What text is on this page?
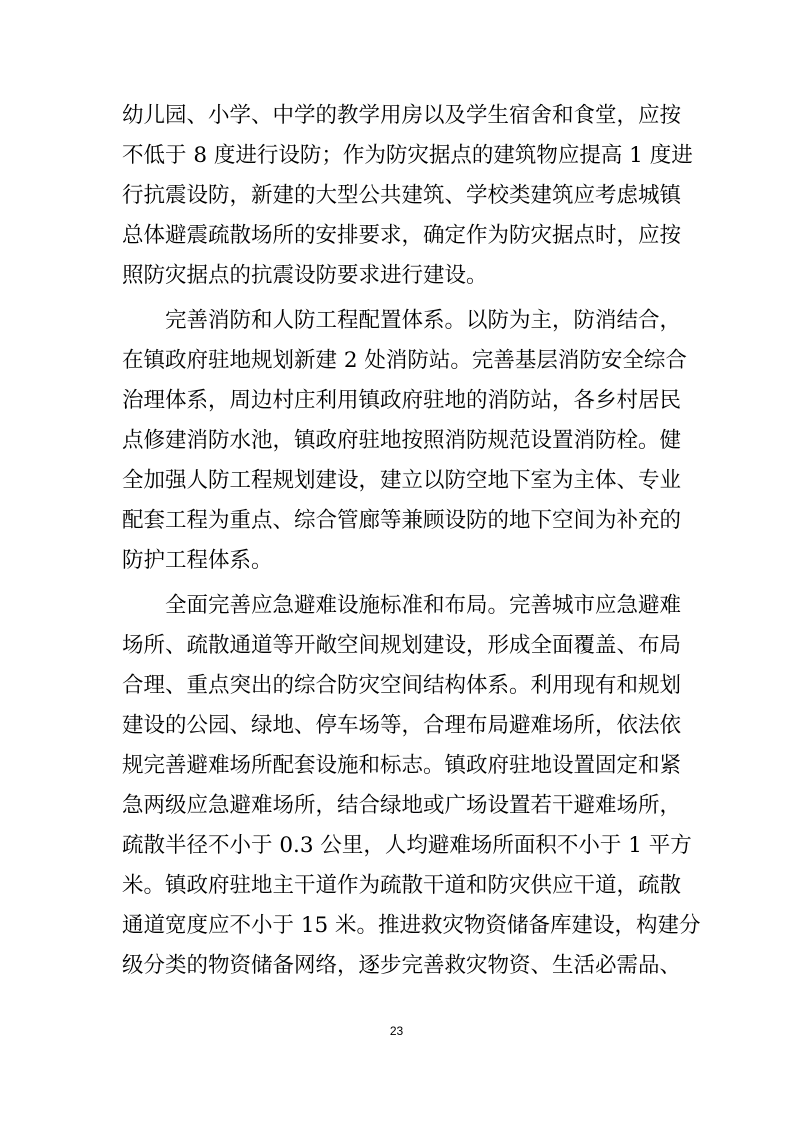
幼儿园、小学、中学的教学用房以及学生宿舍和食堂，应按
不低于 8 度进行设防；作为防灾据点的建筑物应提高 1 度进
行抗震设防，新建的大型公共建筑、学校类建筑应考虑城镇
总体避震疏散场所的安排要求，确定作为防灾据点时，应按
照防灾据点的抗震设防要求进行建设。
完善消防和人防工程配置体系。以防为主，防消结合，
在镇政府驻地规划新建 2 处消防站。完善基层消防安全综合
治理体系，周边村庄利用镇政府驻地的消防站，各乡村居民
点修建消防水池，镇政府驻地按照消防规范设置消防栓。健
全加强人防工程规划建设，建立以防空地下室为主体、专业
配套工程为重点、综合管廊等兼顾设防的地下空间为补充的
防护工程体系。
全面完善应急避难设施标准和布局。完善城市应急避难
场所、疏散通道等开敞空间规划建设，形成全面覆盖、布局
合理、重点突出的综合防灾空间结构体系。利用现有和规划
建设的公园、绿地、停车场等，合理布局避难场所，依法依
规完善避难场所配套设施和标志。镇政府驻地设置固定和紧
急两级应急避难场所，结合绿地或广场设置若干避难场所，
疏散半径不小于 0.3 公里，人均避难场所面积不小于 1 平方
米。镇政府驻地主干道作为疏散干道和防灾供应干道，疏散
通道宽度应不小于 15 米。推进救灾物资储备库建设，构建分
级分类的物资储备网络，逐步完善救灾物资、生活必需品、
23
